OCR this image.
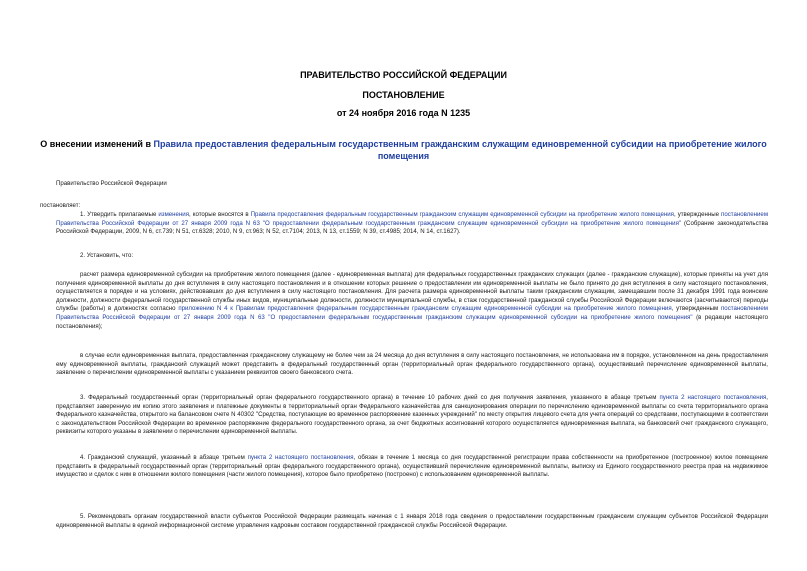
ПРАВИТЕЛЬСТВО РОССИЙСКОЙ ФЕДЕРАЦИИ
ПОСТАНОВЛЕНИЕ
от 24 ноября 2016 года N 1235
О внесении изменений в Правила предоставления федеральным государственным гражданским служащим единовременной субсидии на приобретение жилого помещения
Правительство Российской Федерации
постановляет:
1. Утвердить прилагаемые изменения, которые вносятся в Правила предоставления федеральным государственным гражданским служащим единовременной субсидии на приобретение жилого помещения, утвержденные постановлением Правительства Российской Федерации от 27 января 2009 года N 63 "О предоставлении федеральным государственным гражданским служащим единовременной субсидии на приобретение жилого помещения" (Собрание законодательства Российской Федерации, 2009, N 6, ст.739; N 51, ст.6328; 2010, N 9, ст.963; N 52, ст.7104; 2013, N 13, ст.1559; N 39, ст.4985; 2014, N 14, ст.1627).
2. Установить, что:
расчет размера единовременной субсидии на приобретение жилого помещения (далее - единовременная выплата) для федеральных государственных гражданских служащих (далее - гражданские служащие), которые приняты на учет для получения единовременной выплаты до дня вступления в силу настоящего постановления и в отношении которых решение о предоставлении им единовременной выплаты не было принято до дня вступления в силу настоящего постановления, осуществляется в порядке и на условиях, действовавших до дня вступления в силу настоящего постановления. Для расчета размера единовременной выплаты таким гражданским служащим, замещавшим после 31 декабря 1991 года воинские должности, должности федеральной государственной службы иных видов, муниципальные должности, должности муниципальной службы, в стаж государственной гражданской службы Российской Федерации включаются (засчитываются) периоды службы (работы) в должностях согласно приложению N 4 к Правилам предоставления федеральным государственным гражданским служащим единовременной субсидии на приобретение жилого помещения, утвержденным постановлением Правительства Российской Федерации от 27 января 2009 года N 63 "О предоставлении федеральным государственным гражданским служащим единовременной субсидии на приобретение жилого помещения" (в редакции настоящего постановления);
в случае если единовременная выплата, предоставленная гражданскому служащему не более чем за 24 месяца до дня вступления в силу настоящего постановления, не использована им в порядке, установленном на день предоставления ему единовременной выплаты, гражданский служащий может представить в федеральный государственный орган (территориальный орган федерального государственного органа), осуществивший перечисление единовременной выплаты, заявление о перечислении единовременной выплаты с указанием реквизитов своего банковского счета.
3. Федеральный государственный орган (территориальный орган федерального государственного органа) в течение 10 рабочих дней со дня получения заявления, указанного в абзаце третьем пункта 2 настоящего постановления, представляет заверенную им копию этого заявления и платежные документы в территориальный орган Федерального казначейства для санкционирования операции по перечислению единовременной выплаты со счета территориального органа Федерального казначейства, открытого на балансовом счете N 40302 "Средства, поступающие во временное распоряжение казенных учреждений" по месту открытия лицевого счета для учета операций со средствами, поступающими в соответствии с законодательством Российской Федерации во временное распоряжение федерального государственного органа, за счет бюджетных ассигнований которого осуществляется единовременная выплата, на банковский счет гражданского служащего, реквизиты которого указаны в заявлении о перечислении единовременной выплаты.
4. Гражданский служащий, указанный в абзаце третьем пункта 2 настоящего постановления, обязан в течение 1 месяца со дня государственной регистрации права собственности на приобретенное (построенное) жилое помещение представить в федеральный государственный орган (территориальный орган федерального государственного органа), осуществивший перечисление единовременной выплаты, выписку из Единого государственного реестра прав на недвижимое имущество и сделок с ним в отношении жилого помещения (части жилого помещения), которое было приобретено (построено) с использованием единовременной выплаты.
5. Рекомендовать органам государственной власти субъектов Российской Федерации размещать начиная с 1 января 2018 года сведения о предоставлении государственным гражданским служащим субъектов Российской Федерации единовременной выплаты в единой информационной системе управления кадровым составом государственной гражданской службы Российской Федерации.
